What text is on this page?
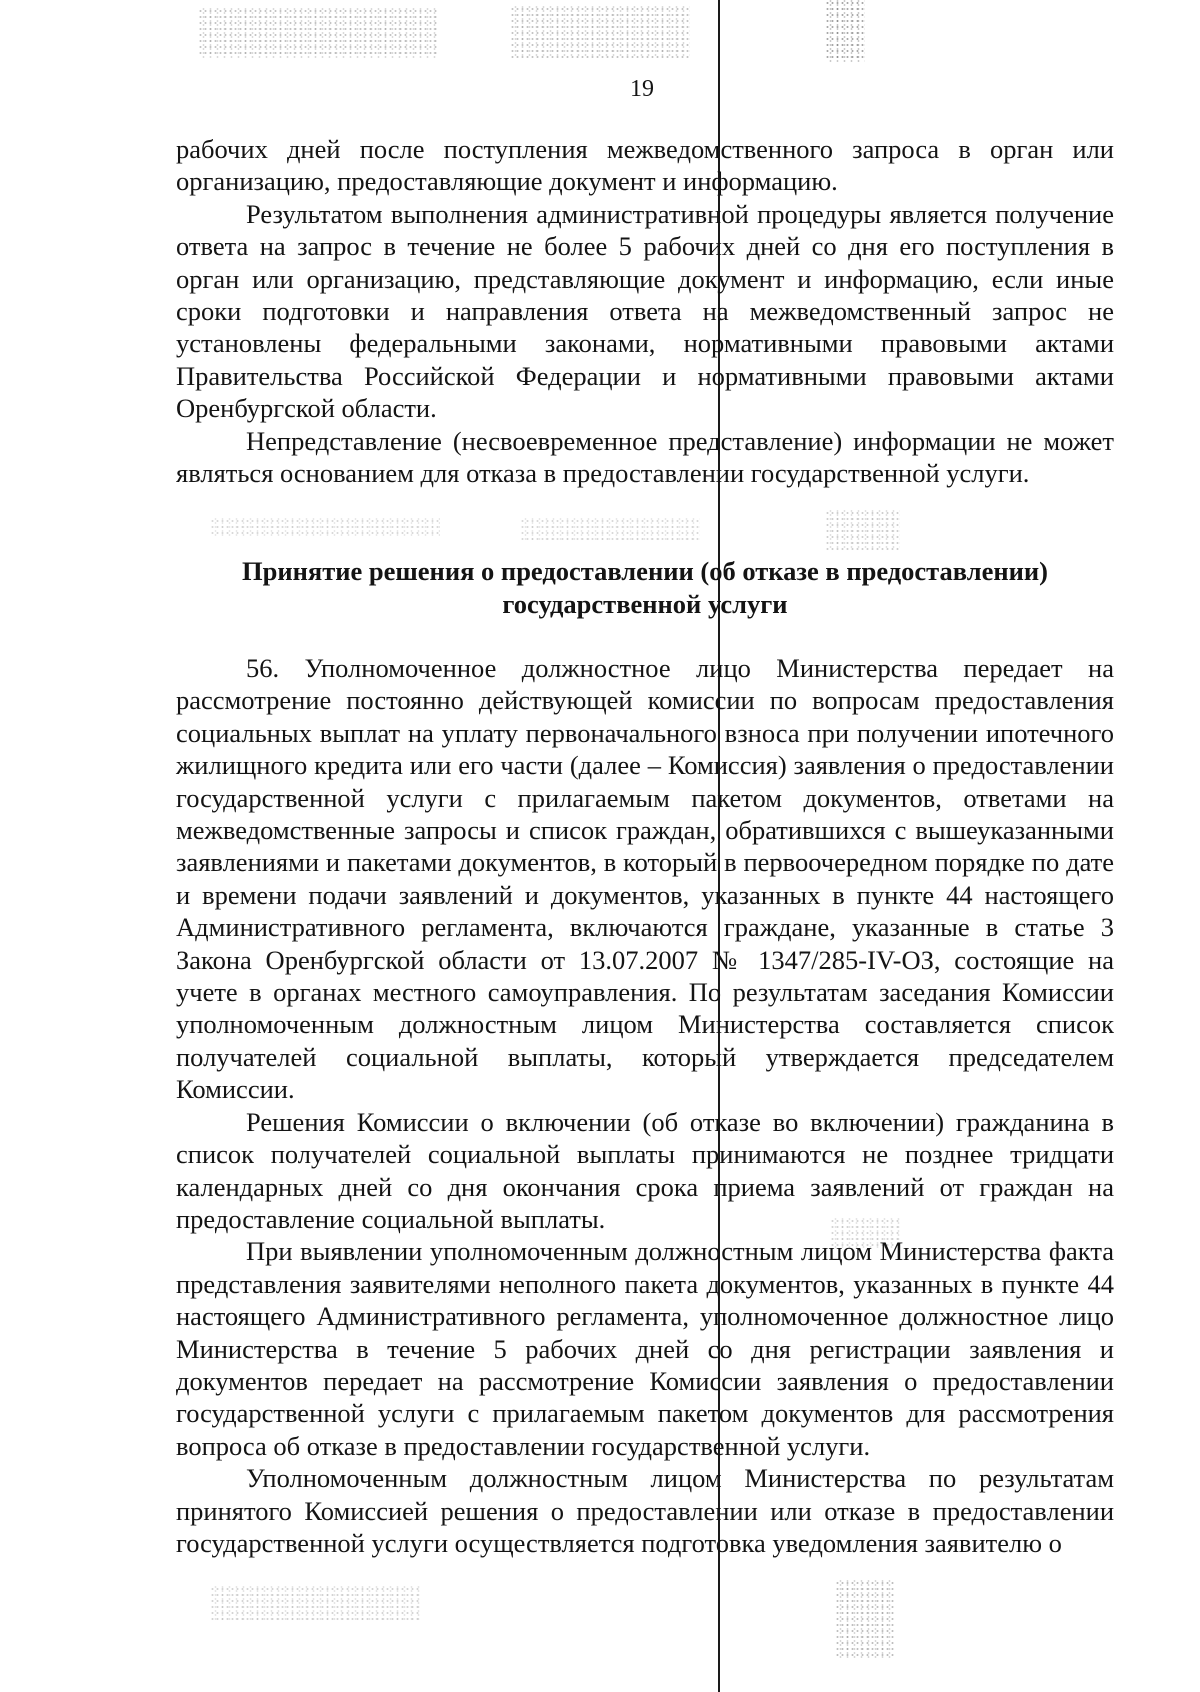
19

рабочих дней после поступления межведомственного запроса в орган или организацию, предоставляющие документ и информацию.

Результатом выполнения административной процедуры является получение ответа на запрос в течение не более 5 рабочих дней со дня его поступления в орган или организацию, представляющие документ и информацию, если иные сроки подготовки и направления ответа на межведомственный запрос не установлены федеральными законами, нормативными правовыми актами Правительства Российской Федерации и нормативными правовыми актами Оренбургской области.

Непредставление (несвоевременное представление) информации не может являться основанием для отказа в предоставлении государственной услуги.

Принятие решения о предоставлении (об отказе в предоставлении)
государственной услуги

56. Уполномоченное должностное лицо Министерства передает на рассмотрение постоянно действующей комиссии по вопросам предоставления социальных выплат на уплату первоначального взноса при получении ипотечного жилищного кредита или его части (далее – Комиссия) заявления о предоставлении государственной услуги с прилагаемым пакетом документов, ответами на межведомственные запросы и список граждан, обратившихся с вышеуказанными заявлениями и пакетами документов, в который в первоочередном порядке по дате и времени подачи заявлений и документов, указанных в пункте 44 настоящего Административного регламента, включаются граждане, указанные в статье 3 Закона Оренбургской области от 13.07.2007 № 1347/285-IV-ОЗ, состоящие на учете в органах местного самоуправления. По результатам заседания Комиссии уполномоченным должностным лицом Министерства составляется список получателей социальной выплаты, который утверждается председателем Комиссии.

Решения Комиссии о включении (об отказе во включении) гражданина в список получателей социальной выплаты принимаются не позднее тридцати календарных дней со дня окончания срока приема заявлений от граждан на предоставление социальной выплаты.

При выявлении уполномоченным должностным лицом Министерства факта представления заявителями неполного пакета документов, указанных в пункте 44 настоящего Административного регламента, уполномоченное должностное лицо Министерства в течение 5 рабочих дней со дня регистрации заявления и документов передает на рассмотрение Комиссии заявления о предоставлении государственной услуги с прилагаемым пакетом документов для рассмотрения вопроса об отказе в предоставлении государственной услуги.

Уполномоченным должностным лицом Министерства по результатам принятого Комиссией решения о предоставлении или отказе в предоставлении государственной услуги осуществляется подготовка уведомления заявителю о
